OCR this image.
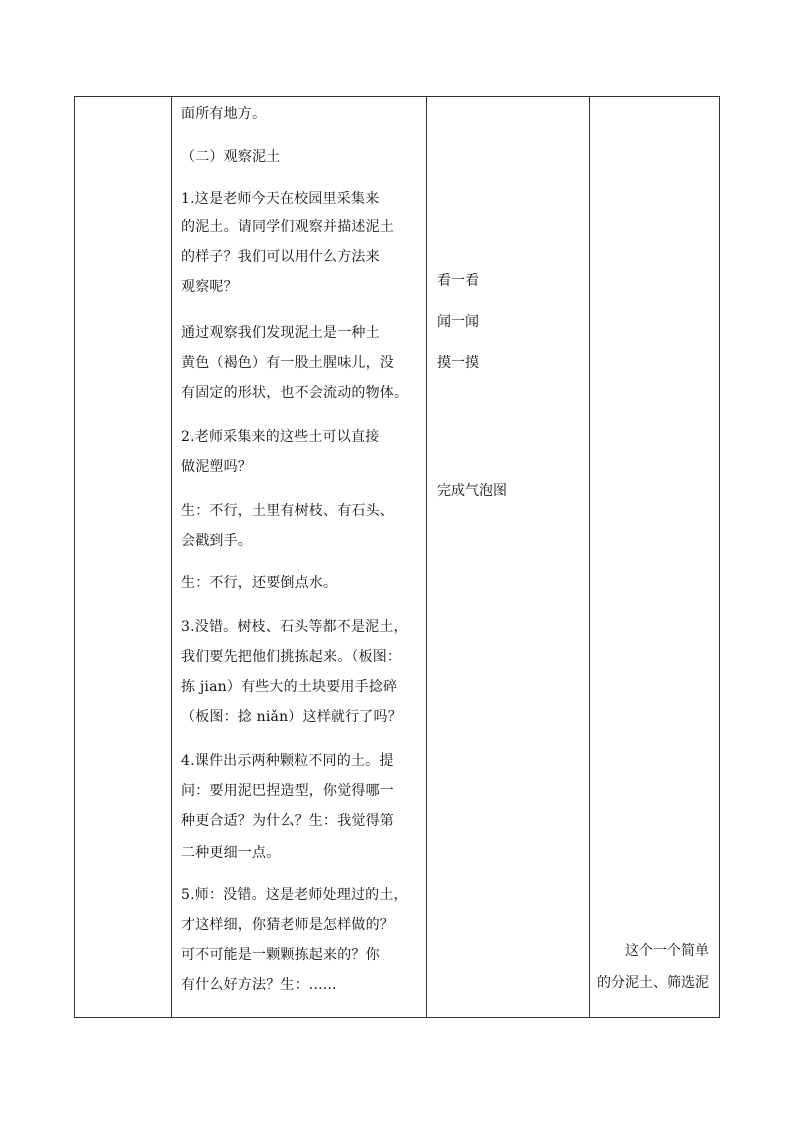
面所有地方。

（二）观察泥土

1.这是老师今天在校园里采集来

的泥土。请同学们观察并描述泥土

的样子？我们可以用什么方法来

观察呢？

通过观察我们发现泥土是一种土

黄色（褐色）有一股土腥味儿，没

有固定的形状，也不会流动的物体。

2.老师采集来的这些土可以直接

做泥塑吗？

生：不行，土里有树枝、有石头、

会戳到手。

生：不行，还要倒点水。

3.没错。树枝、石头等都不是泥土，

我们要先把他们挑拣起来。（板图：

拣 jian）有些大的土块要用手捻碎

（板图：捻 niǎn）这样就行了吗？

4.课件出示两种颗粒不同的土。提

问：要用泥巴捏造型，你觉得哪一

种更合适？为什么？生：我觉得第

二种更细一点。

5.师：没错。这是老师处理过的土，

才这样细，你猜老师是怎样做的？

可不可能是一颗颗拣起来的？你

有什么好方法？生：......

看一看

闻一闻

摸一摸

完成气泡图

这个一个简单

的分泥土、筛选泥
